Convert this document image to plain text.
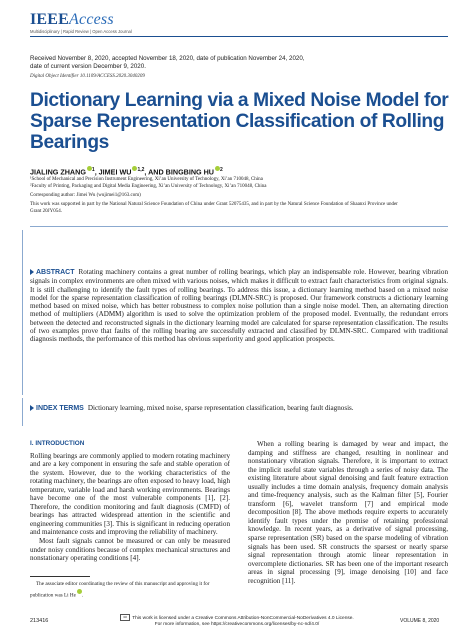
IEEEAccess
Multidisciplinary | Rapid Review | Open Access Journal
Received November 8, 2020, accepted November 18, 2020, date of publication November 24, 2020,
date of current version December 9, 2020.
Digital Object Identifier 10.1109/ACCESS.2020.3040209
Dictionary Learning via a Mixed Noise Model for Sparse Representation Classification of Rolling Bearings
JIALING ZHANG $^1$, JIMEI WU $^{1,2}$, AND BINGBING HU $^2$
¹School of Mechanical and Precision Instrument Engineering, Xi’an University of Technology, Xi’an 710048, China
²Faculty of Printing, Packaging and Digital Media Engineering, Xi’an University of Technology, Xi’an 710048, China
Corresponding author: Jimei Wu (wujimei1@163.com)
This work was supported in part by the National Natural Science Foundation of China under Grant 52075435, and in part by the Natural Science Foundation of Shaanxi Province under Grant 20JY054.
ABSTRACT Rotating machinery contains a great number of rolling bearings, which play an indispensable role. However, bearing vibration signals in complex environments are often mixed with various noises, which makes it difficult to extract fault characteristics from original signals. It is still challenging to identify the fault types of rolling bearings. To address this issue, a dictionary learning method based on a mixed noise model for the sparse representation classification of rolling bearings (DLMN-SRC) is proposed. Our framework constructs a dictionary learning method based on mixed noise, which has better robustness to complex noise pollution than a single noise model. Then, an alternating direction method of multipliers (ADMM) algorithm is used to solve the optimization problem of the proposed model. Eventually, the redundant errors between the detected and reconstructed signals in the dictionary learning model are calculated for sparse representation classification. The results of two examples prove that faults of the rolling bearing are successfully extracted and classified by DLMN-SRC. Compared with traditional diagnosis methods, the performance of this method has obvious superiority and good application prospects.
INDEX TERMS Dictionary learning, mixed noise, sparse representation classification, bearing fault diagnosis.
I. INTRODUCTION

Rolling bearings are commonly applied to modern rotating machinery and are a key component in ensuring the safe and stable operation of the system. However, due to the working characteristics of the rotating machinery, the bearings are often exposed to heavy load, high temperature, variable load and harsh working environments. Bearings have become one of the most vulnerable components [1], [2]. Therefore, the condition monitoring and fault diagnosis (CMFD) of bearings has attracted widespread attention in the scientific and engineering communities [3]. This is significant in reducing operation and maintenance costs and improving the reliability of machinery.

Most fault signals cannot be measured or can only be measured under noisy conditions because of complex mechanical structures and nonstationary operating conditions [4].

When a rolling bearing is damaged by wear and impact, the damping and stiffness are changed, resulting in nonlinear and nonstationary vibration signals. Therefore, it is important to extract the implicit useful state variables through a series of noisy data. The existing literature about signal denoising and fault feature extraction usually includes a time domain analysis, frequency domain analysis and time-frequency analysis, such as the Kalman filter [5], Fourier transform [6], wavelet transform [7] and empirical mode decomposition [8]. The above methods require experts to accurately identify fault types under the premise of retaining professional knowledge. In recent years, as a derivative of signal processing, sparse representation (SR) based on the sparse modeling of vibration signals has been used. SR constructs the sparsest or nearly sparse signal representation through atomic linear representation in overcomplete dictionaries. SR has been one of the important research areas in signal processing [9], image denoising [10] and face recognition [11].

The associate editor coordinating the review of this manuscript and approving it for publication was Li He .
213416
cc This work is licensed under a Creative Commons Attribution-NonCommercial-NoDerivatives 4.0 License.
For more information, see https://creativecommons.org/licenses/by-nc-nd/4.0/
VOLUME 8, 2020
